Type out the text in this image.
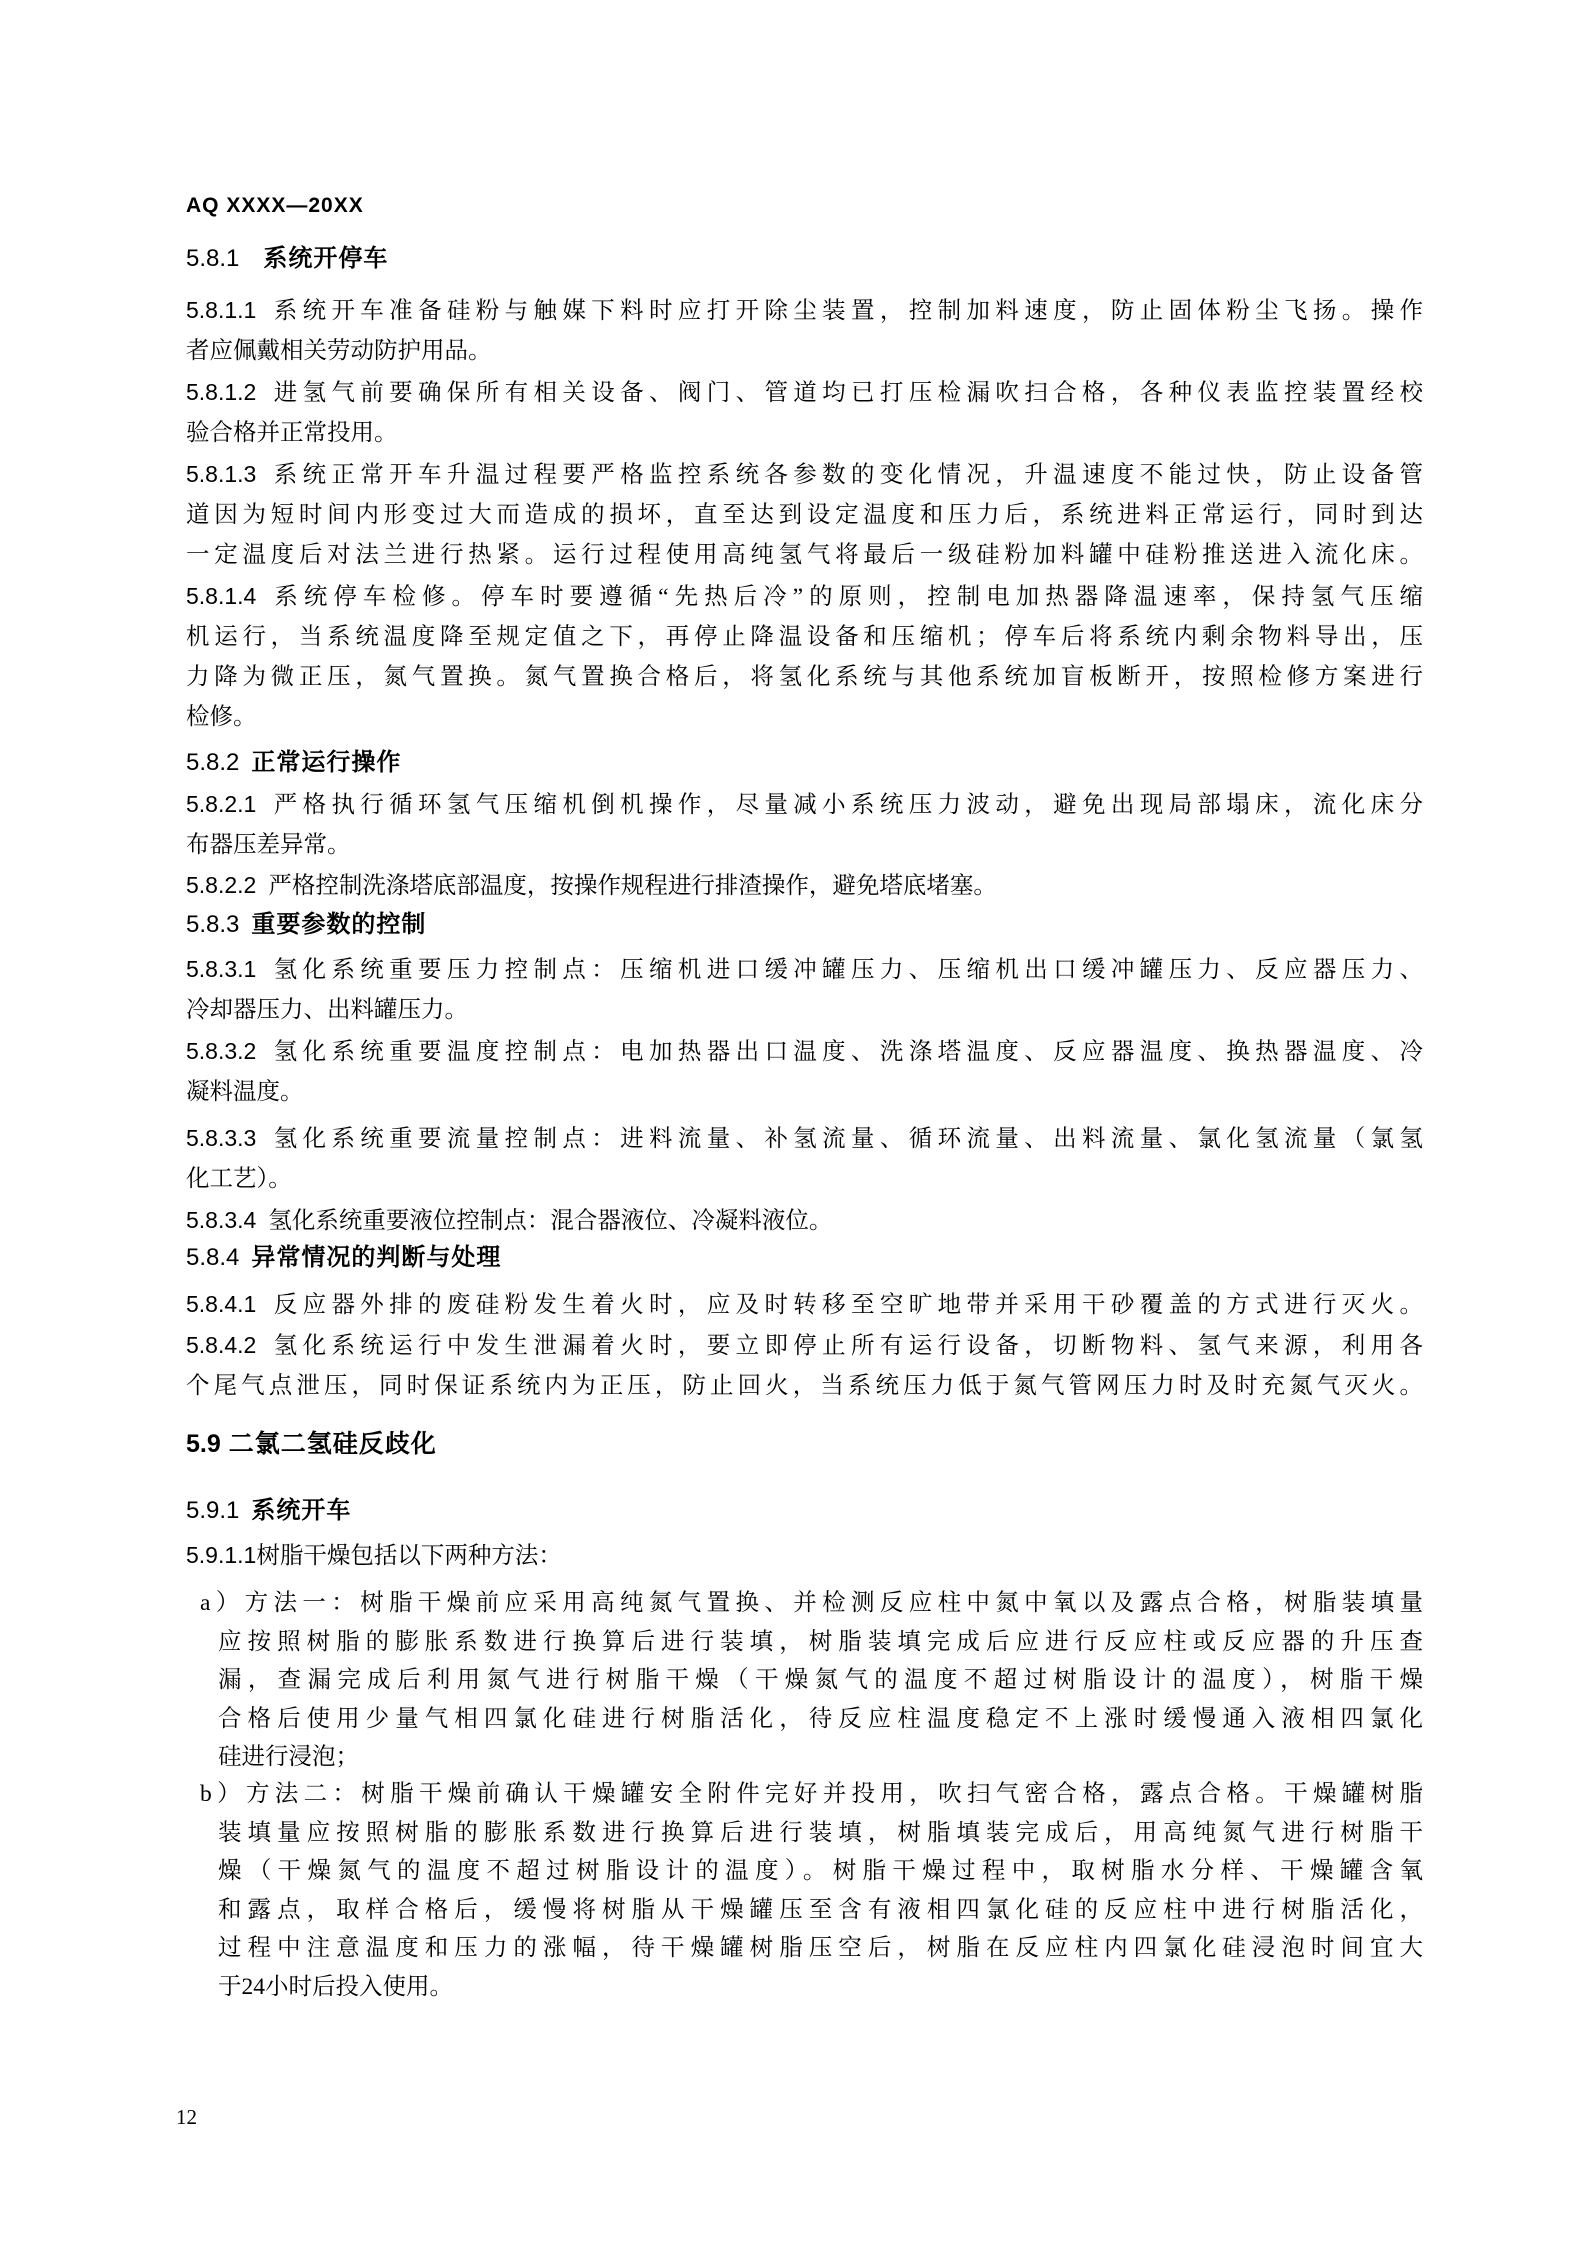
AQ XXXX—20XX
5.8.1 系统开停车
5.8.1.1 系统开车准备硅粉与触媒下料时应打开除尘装置，控制加料速度，防止固体粉尘飞扬。操作
者应佩戴相关劳动防护用品。
5.8.1.2 进氢气前要确保所有相关设备、阀门、管道均已打压检漏吹扫合格，各种仪表监控装置经校
验合格并正常投用。
5.8.1.3 系统正常开车升温过程要严格监控系统各参数的变化情况，升温速度不能过快，防止设备管
道因为短时间内形变过大而造成的损坏，直至达到设定温度和压力后，系统进料正常运行，同时到达
一定温度后对法兰进行热紧。运行过程使用高纯氢气将最后一级硅粉加料罐中硅粉推送进入流化床。
5.8.1.4 系统停车检修。停车时要遵循“先热后冷”的原则，控制电加热器降温速率，保持氢气压缩
机运行，当系统温度降至规定值之下，再停止降温设备和压缩机；停车后将系统内剩余物料导出，压
力降为微正压，氮气置换。氮气置换合格后，将氢化系统与其他系统加盲板断开，按照检修方案进行
检修。
5.8.2 正常运行操作
5.8.2.1 严格执行循环氢气压缩机倒机操作，尽量减小系统压力波动，避免出现局部塌床，流化床分
布器压差异常。
5.8.2.2 严格控制洗涤塔底部温度，按操作规程进行排渣操作，避免塔底堵塞。
5.8.3 重要参数的控制
5.8.3.1 氢化系统重要压力控制点：压缩机进口缓冲罐压力、压缩机出口缓冲罐压力、反应器压力、
冷却器压力、出料罐压力。
5.8.3.2 氢化系统重要温度控制点：电加热器出口温度、洗涤塔温度、反应器温度、换热器温度、冷
凝料温度。
5.8.3.3 氢化系统重要流量控制点：进料流量、补氢流量、循环流量、出料流量、氯化氢流量（氯氢
化工艺）。
5.8.3.4 氢化系统重要液位控制点：混合器液位、冷凝料液位。
5.8.4 异常情况的判断与处理
5.8.4.1 反应器外排的废硅粉发生着火时，应及时转移至空旷地带并采用干砂覆盖的方式进行灭火。
5.8.4.2 氢化系统运行中发生泄漏着火时，要立即停止所有运行设备，切断物料、氢气来源，利用各
个尾气点泄压，同时保证系统内为正压，防止回火，当系统压力低于氮气管网压力时及时充氮气灭火。
5.9 二氯二氢硅反歧化
5.9.1 系统开车
5.9.1.1树脂干燥包括以下两种方法：
a）方法一：树脂干燥前应采用高纯氮气置换、并检测反应柱中氮中氧以及露点合格，树脂装填量
应按照树脂的膨胀系数进行换算后进行装填，树脂装填完成后应进行反应柱或反应器的升压查
漏，查漏完成后利用氮气进行树脂干燥（干燥氮气的温度不超过树脂设计的温度），树脂干燥
合格后使用少量气相四氯化硅进行树脂活化，待反应柱温度稳定不上涨时缓慢通入液相四氯化
硅进行浸泡；
b）方法二：树脂干燥前确认干燥罐安全附件完好并投用，吹扫气密合格，露点合格。干燥罐树脂
装填量应按照树脂的膨胀系数进行换算后进行装填，树脂填装完成后，用高纯氮气进行树脂干
燥（干燥氮气的温度不超过树脂设计的温度）。树脂干燥过程中，取树脂水分样、干燥罐含氧
和露点，取样合格后，缓慢将树脂从干燥罐压至含有液相四氯化硅的反应柱中进行树脂活化，
过程中注意温度和压力的涨幅，待干燥罐树脂压空后，树脂在反应柱内四氯化硅浸泡时间宜大
于24小时后投入使用。
12
